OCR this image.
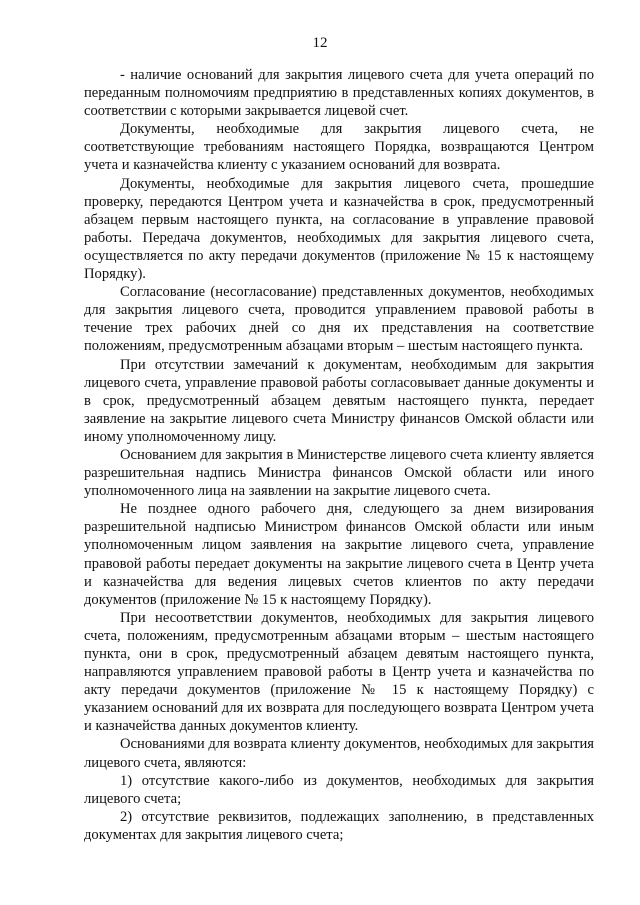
12

- наличие оснований для закрытия лицевого счета для учета операций по переданным полномочиям предприятию в представленных копиях документов, в соответствии с которыми закрывается лицевой счет.

Документы, необходимые для закрытия лицевого счета, не соответствующие требованиям настоящего Порядка, возвращаются Центром учета и казначейства клиенту с указанием оснований для возврата.

Документы, необходимые для закрытия лицевого счета, прошедшие проверку, передаются Центром учета и казначейства в срок, предусмотренный абзацем первым настоящего пункта, на согласование в управление правовой работы. Передача документов, необходимых для закрытия лицевого счета, осуществляется по акту передачи документов (приложение № 15 к настоящему Порядку).

Согласование (несогласование) представленных документов, необходимых для закрытия лицевого счета, проводится управлением правовой работы в течение трех рабочих дней со дня их представления на соответствие положениям, предусмотренным абзацами вторым – шестым настоящего пункта.

При отсутствии замечаний к документам, необходимым для закрытия лицевого счета, управление правовой работы согласовывает данные документы и в срок, предусмотренный абзацем девятым настоящего пункта, передает заявление на закрытие лицевого счета Министру финансов Омской области или иному уполномоченному лицу.

Основанием для закрытия в Министерстве лицевого счета клиенту является разрешительная надпись Министра финансов Омской области или иного уполномоченного лица на заявлении на закрытие лицевого счета.

Не позднее одного рабочего дня, следующего за днем визирования разрешительной надписью Министром финансов Омской области или иным уполномоченным лицом заявления на закрытие лицевого счета, управление правовой работы передает документы на закрытие лицевого счета в Центр учета и казначейства для ведения лицевых счетов клиентов по акту передачи документов (приложение № 15 к настоящему Порядку).

При несоответствии документов, необходимых для закрытия лицевого счета, положениям, предусмотренным абзацами вторым – шестым настоящего пункта, они в срок, предусмотренный абзацем девятым настоящего пункта, направляются управлением правовой работы в Центр учета и казначейства по акту передачи документов (приложение № 15 к настоящему Порядку) с указанием оснований для их возврата для последующего возврата Центром учета и казначейства данных документов клиенту.

Основаниями для возврата клиенту документов, необходимых для закрытия лицевого счета, являются:

1) отсутствие какого-либо из документов, необходимых для закрытия лицевого счета;

2) отсутствие реквизитов, подлежащих заполнению, в представленных документах для закрытия лицевого счета;
